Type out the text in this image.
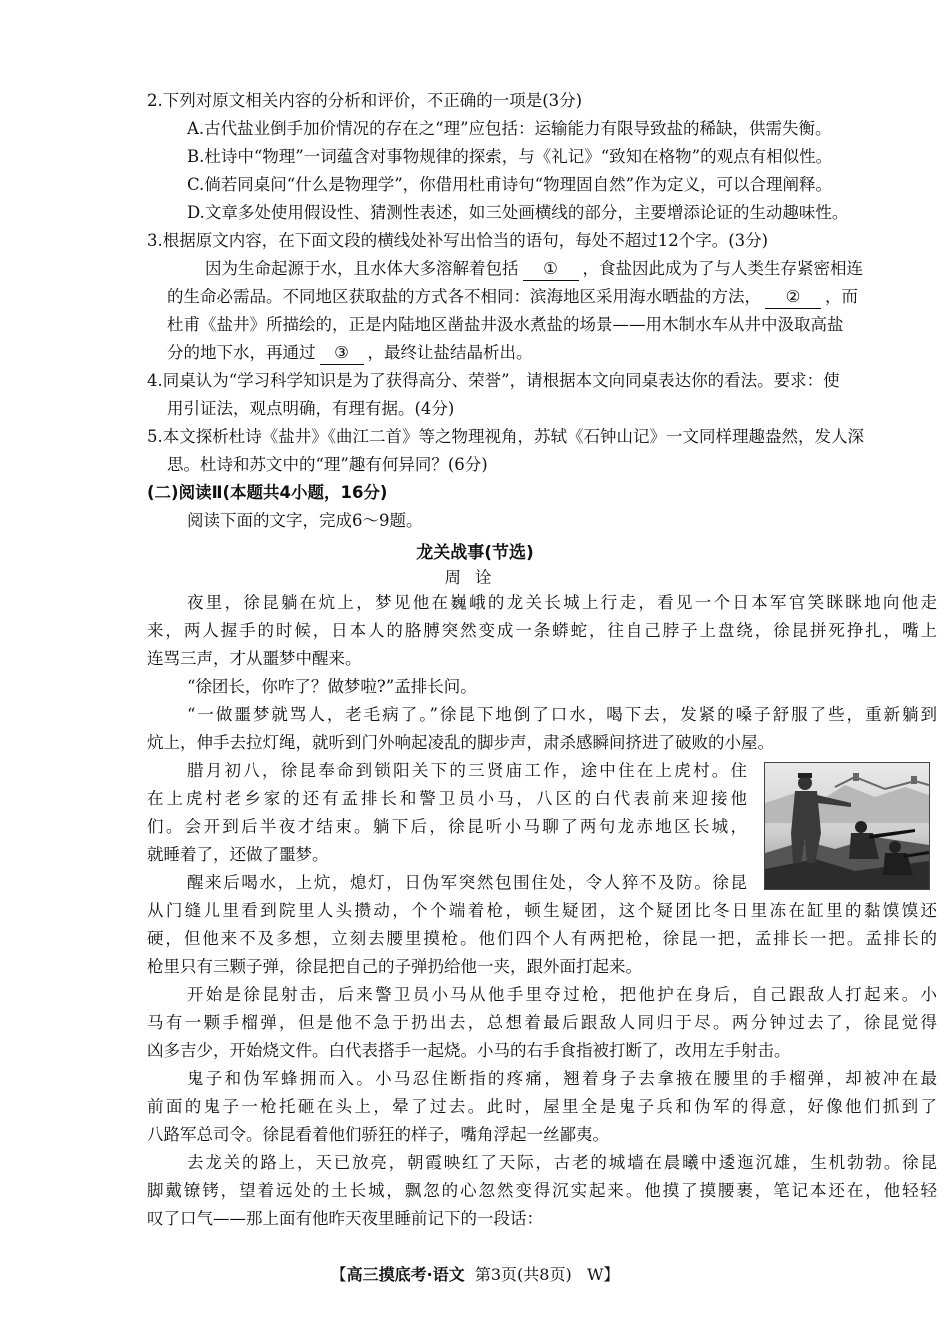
2.下列对原文相关内容的分析和评价，不正确的一项是(3分)
A.古代盐业倒手加价情况的存在之“理”应包括：运输能力有限导致盐的稀缺，供需失衡。
B.杜诗中“物理”一词蕴含对事物规律的探索，与《礼记》“致知在格物”的观点有相似性。
C.倘若同桌问“什么是物理学”，你借用杜甫诗句“物理固自然”作为定义，可以合理阐释。
D.文章多处使用假设性、猜测性表述，如三处画横线的部分，主要增添论证的生动趣味性。
3.根据原文内容，在下面文段的横线处补写出恰当的语句，每处不超过12个字。(3分)
因为生命起源于水，且水体大多溶解着包括 ① ，食盐因此成为了与人类生存紧密相连
的生命必需品。不同地区获取盐的方式各不相同：滨海地区采用海水晒盐的方法， ② ，而
杜甫《盐井》所描绘的，正是内陆地区凿盐井汲水煮盐的场景——用木制水车从井中汲取高盐
分的地下水，再通过 ③ ，最终让盐结晶析出。
4.同桌认为“学习科学知识是为了获得高分、荣誉”，请根据本文向同桌表达你的看法。要求：使
用引证法，观点明确，有理有据。(4分)
5.本文探析杜诗《盐井》《曲江二首》等之物理视角，苏轼《石钟山记》一文同样理趣盎然，发人深
思。杜诗和苏文中的“理”趣有何异同？(6分)
(二)阅读Ⅱ(本题共4小题，16分)
阅读下面的文字，完成6～9题。
龙关战事(节选)
周诠
夜里，徐昆躺在炕上，梦见他在巍峨的龙关长城上行走，看见一个日本军官笑眯眯地向他走
来，两人握手的时候，日本人的胳膊突然变成一条蟒蛇，往自己脖子上盘绕，徐昆拼死挣扎，嘴上
连骂三声，才从噩梦中醒来。
“徐团长，你咋了？做梦啦?”孟排长问。
“一做噩梦就骂人，老毛病了。”徐昆下地倒了口水，喝下去，发紧的嗓子舒服了些，重新躺到
炕上，伸手去拉灯绳，就听到门外响起凌乱的脚步声，肃杀感瞬间挤进了破败的小屋。
腊月初八，徐昆奉命到锁阳关下的三贤庙工作，途中住在上虎村。住
在上虎村老乡家的还有孟排长和警卫员小马，八区的白代表前来迎接他
们。会开到后半夜才结束。躺下后，徐昆听小马聊了两句龙赤地区长城，
就睡着了，还做了噩梦。
醒来后喝水，上炕，熄灯，日伪军突然包围住处，令人猝不及防。徐昆
从门缝儿里看到院里人头攒动，个个端着枪，顿生疑团，这个疑团比冬日里冻在缸里的黏馍馍还
硬，但他来不及多想，立刻去腰里摸枪。他们四个人有两把枪，徐昆一把，孟排长一把。孟排长的
枪里只有三颗子弹，徐昆把自己的子弹扔给他一夹，跟外面打起来。
开始是徐昆射击，后来警卫员小马从他手里夺过枪，把他护在身后，自己跟敌人打起来。小
马有一颗手榴弹，但是他不急于扔出去，总想着最后跟敌人同归于尽。两分钟过去了，徐昆觉得
凶多吉少，开始烧文件。白代表搭手一起烧。小马的右手食指被打断了，改用左手射击。
鬼子和伪军蜂拥而入。小马忍住断指的疼痛，翘着身子去拿掖在腰里的手榴弹，却被冲在最
前面的鬼子一枪托砸在头上，晕了过去。此时，屋里全是鬼子兵和伪军的得意，好像他们抓到了
八路军总司令。徐昆看着他们骄狂的样子，嘴角浮起一丝鄙夷。
去龙关的路上，天已放亮，朝霞映红了天际，古老的城墙在晨曦中逶迤沉雄，生机勃勃。徐昆
脚戴镣铐，望着远处的土长城，飘忽的心忽然变得沉实起来。他摸了摸腰裹，笔记本还在，他轻轻
叹了口气——那上面有他昨天夜里睡前记下的一段话：
【高三摸底考·语文 第3页(共8页) W】
